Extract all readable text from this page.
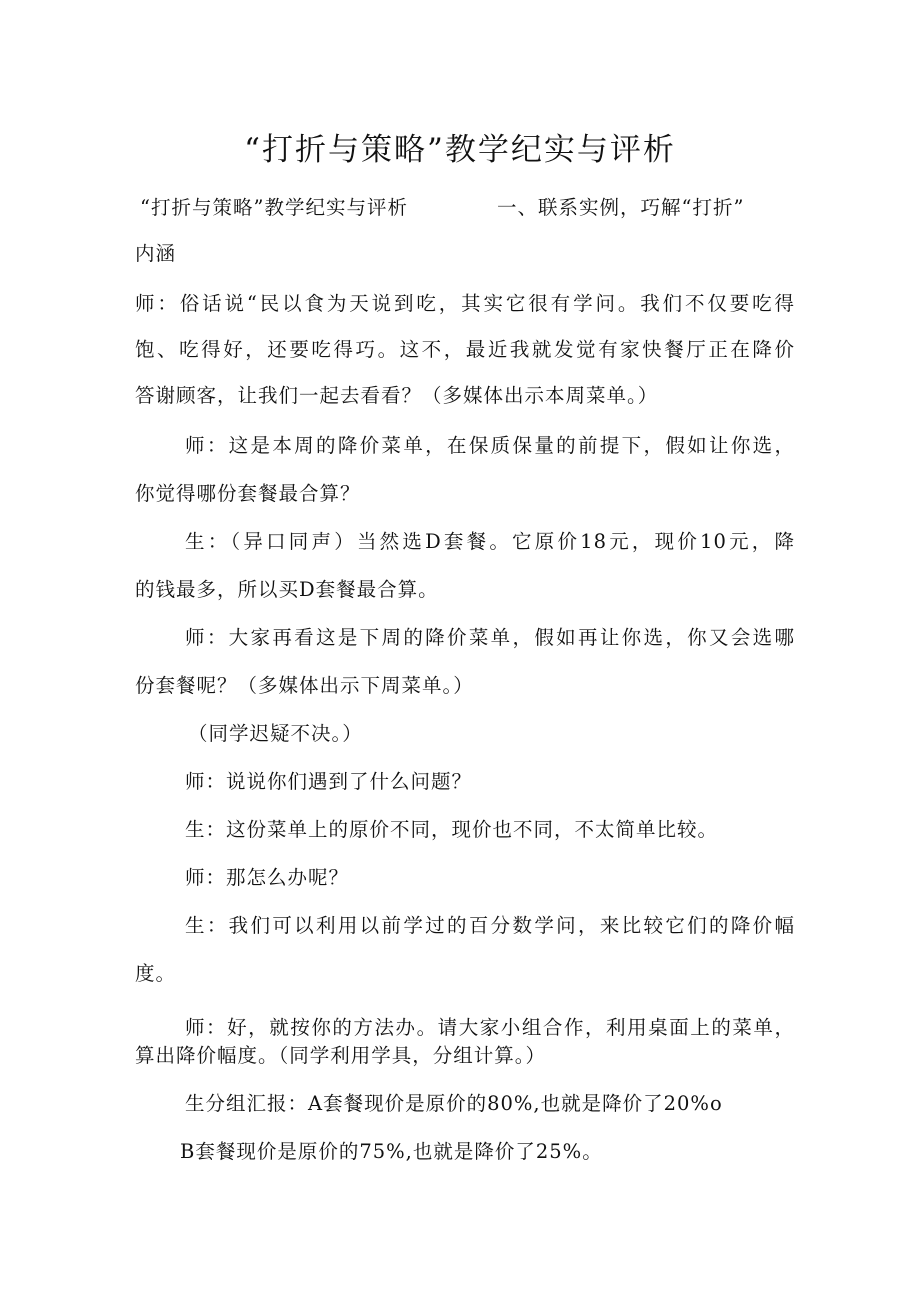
“打折与策略”教学纪实与评析
“打折与策略”教学纪实与评析	一、联系实例，巧解“打折”
内涵
师：俗话说“民以食为天说到吃，其实它很有学问。我们不仅要吃得
饱、吃得好，还要吃得巧。这不，最近我就发觉有家快餐厅正在降价
答谢顾客，让我们一起去看看？（多媒体出示本周菜单。）
师：这是本周的降价菜单，在保质保量的前提下，假如让你选，
你觉得哪份套餐最合算？
生：（异口同声）当然选D套餐。它原价18元，现价10元，降
的钱最多，所以买D套餐最合算。
师：大家再看这是下周的降价菜单，假如再让你选，你又会选哪
份套餐呢？（多媒体出示下周菜单。）
（同学迟疑不决。）
师：说说你们遇到了什么问题？
生：这份菜单上的原价不同，现价也不同，不太简单比较。
师：那怎么办呢？
生：我们可以利用以前学过的百分数学问，来比较它们的降价幅
度。
师：好，就按你的方法办。请大家小组合作，利用桌面上的菜单，
算出降价幅度。（同学利用学具，分组计算。）
生分组汇报：A套餐现价是原价的80%,也就是降价了20%o
B套餐现价是原价的75%,也就是降价了25%。
